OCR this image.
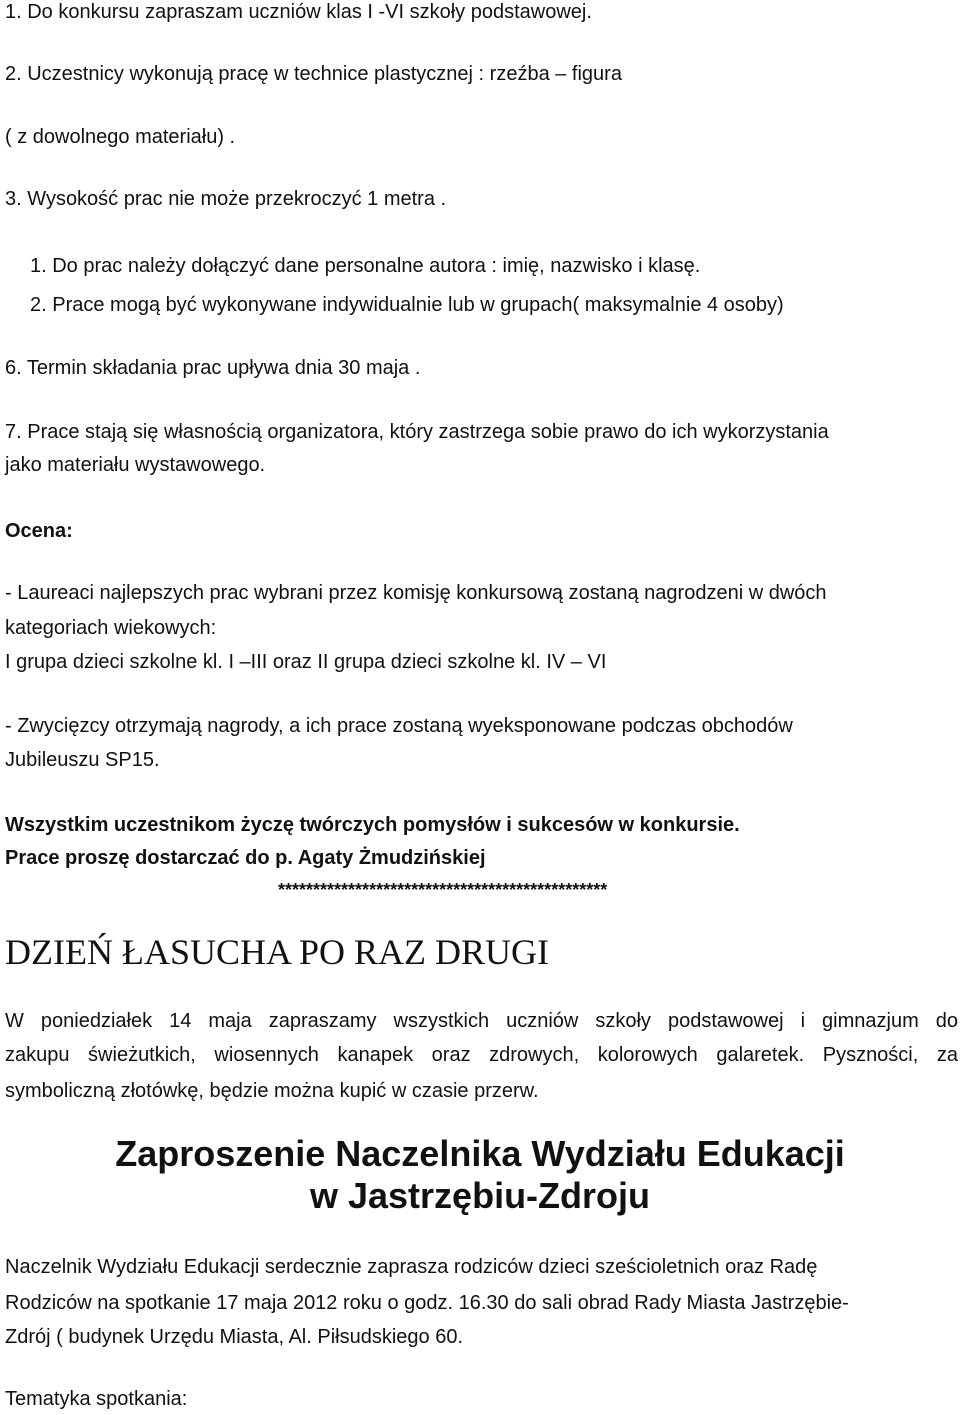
1. Do konkursu zapraszam uczniów klas I -VI szkoły podstawowej.
2. Uczestnicy wykonują pracę w technice plastycznej : rzeźba – figura
( z dowolnego materiału) .
3. Wysokość prac nie może przekroczyć 1 metra .
1. Do prac należy dołączyć dane personalne autora : imię, nazwisko i klasę.
2. Prace mogą być wykonywane indywidualnie lub w grupach( maksymalnie 4 osoby)
6. Termin składania prac upływa dnia 30 maja .
7. Prace stają się własnością organizatora, który zastrzega sobie prawo do ich wykorzystania
jako materiału wystawowego.
Ocena:
- Laureaci najlepszych prac wybrani przez komisję konkursową zostaną nagrodzeni w dwóch
kategoriach wiekowych:
I grupa dzieci szkolne kl. I –III oraz II grupa dzieci szkolne kl. IV – VI
- Zwycięzcy otrzymają nagrody, a ich prace zostaną wyeksponowane podczas obchodów
Jubileuszu SP15.
Wszystkim uczestnikom życzę twórczych pomysłów i sukcesów w konkursie.
Prace proszę dostarczać do p. Agaty Żmudzińskiej
***********************************************
DZIEŃ ŁASUCHA PO RAZ DRUGI
W poniedziałek 14 maja zapraszamy wszystkich uczniów szkoły podstawowej i gimnazjum do
zakupu świeżutkich, wiosennych kanapek oraz zdrowych, kolorowych galaretek. Pyszności, za
symboliczną złotówkę, będzie można kupić w czasie przerw.
Zaproszenie Naczelnika Wydziału Edukacji
w Jastrzębiu-Zdroju
Naczelnik Wydziału Edukacji serdecznie zaprasza rodziców dzieci sześcioletnich oraz Radę
Rodziców na spotkanie 17 maja 2012 roku o godz. 16.30 do sali obrad Rady Miasta Jastrzębie-
Zdrój ( budynek Urzędu Miasta, Al. Piłsudskiego 60.
Tematyka spotkania:
